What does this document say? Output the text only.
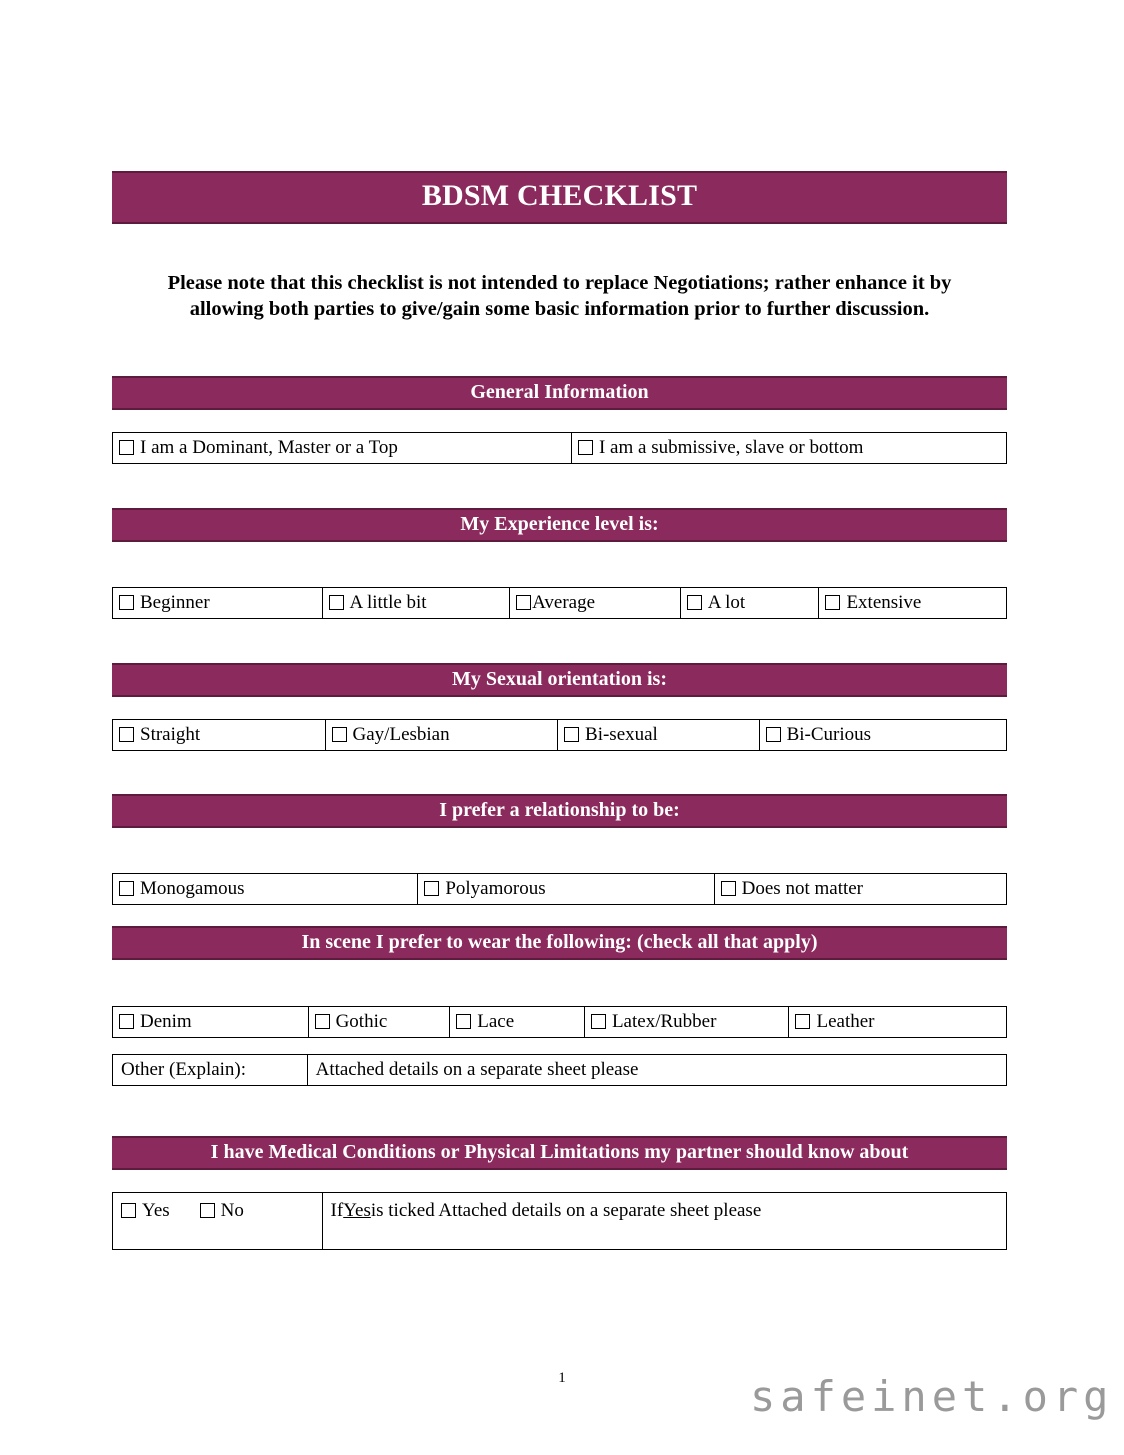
BDSM CHECKLIST
Please note that this checklist is not intended to replace Negotiations; rather enhance it by allowing both parties to give/gain some basic information prior to further discussion.
General Information
I am a Dominant, Master or a Top	I am a submissive, slave or bottom
My Experience level is:
Beginner	A little bit	Average	A lot	Extensive
My Sexual orientation is:
Straight	Gay/Lesbian	Bi-sexual	Bi-Curious
I prefer a relationship to be:
Monogamous	Polyamorous	Does not matter
In scene I prefer to wear the following: (check all that apply)
Denim	Gothic	Lace	Latex/Rubber	Leather
Other (Explain):	Attached details on a separate sheet please
I have Medical Conditions or Physical Limitations my partner should know about
Yes	No	If Yes is ticked Attached details on a separate sheet please
1	safeinet.org
